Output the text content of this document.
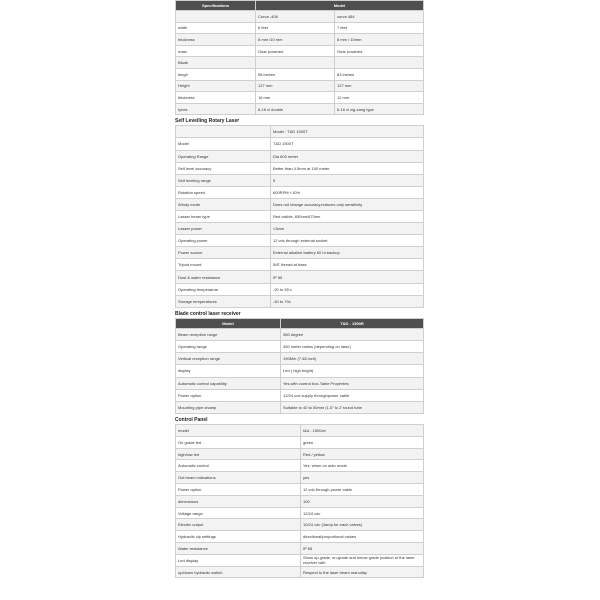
Specifications	Model	
	Curva -406	curva 484
width	6 feet	7 feet
thickness	8 mm /10 mm	8 mm / 10mm
mast	Gear powered	Gear powered
Blade		
lengh	98 inches	83 inches
Height	127 mm	127 mm
thickness	16 mm	12 mm
tynes	6-16 cl double	6-16 cl zig-zang type
Self Levelling Rotary Laser
	Model : T&D 1500T
Model	T&D 1500T
Operating Range	Dia 600 meter
Self level accuracy	Better than 4.5mm at 100 meter
Self leveling range	5
Rotation speed	600RPM +10%
Windy mode	Does not change accuracy,reduces only sensitivity
Lasser beam type	Red visible, 650nm/670nm
Lasser power	<3mm
Operating power	12 vdc through external socket
Power source	External alkaline battery 60 hr.backup
Tripod mount	5/8" thread at base
Dust & water resistance	IP 55
Operating temperature	-20 to 55 c
Storage temperatures	-40 to 70c
Blade control laser receiver
Model	T&D - 1500R
Beam reception range	360 degree
Operating range	450 meter radius (depending on laser)
Vertical reception range	190Mm (7.48 inch)
display	Led ( high bright)
Automatic control capability	Yes,with control box-Table Properties
Power option	12/24 vcd supply throughpower cable
Mounting pipe champ	Suitable to 40 to 50mm (1.5" to 2"round tube
Control Panel
model	t&d - 1500cb
On grade led	green
high/low led	Red / yellow
Automatic control	Yes, when on auto mode
Out beam indications	yes
Power option	12 vdc through power cable
dimensions	100
Voltage range	12/24 vdc
Electric output	10/24 vdc (3amp.for each valves)
Hydraulic vlp settings	directional/proportional values
Water resistance	IP 65
Led display	Show up grade, on-grade and below grade position of the laser receiver with
up/down hydraulic switch	Respect to the laser beam manullay
